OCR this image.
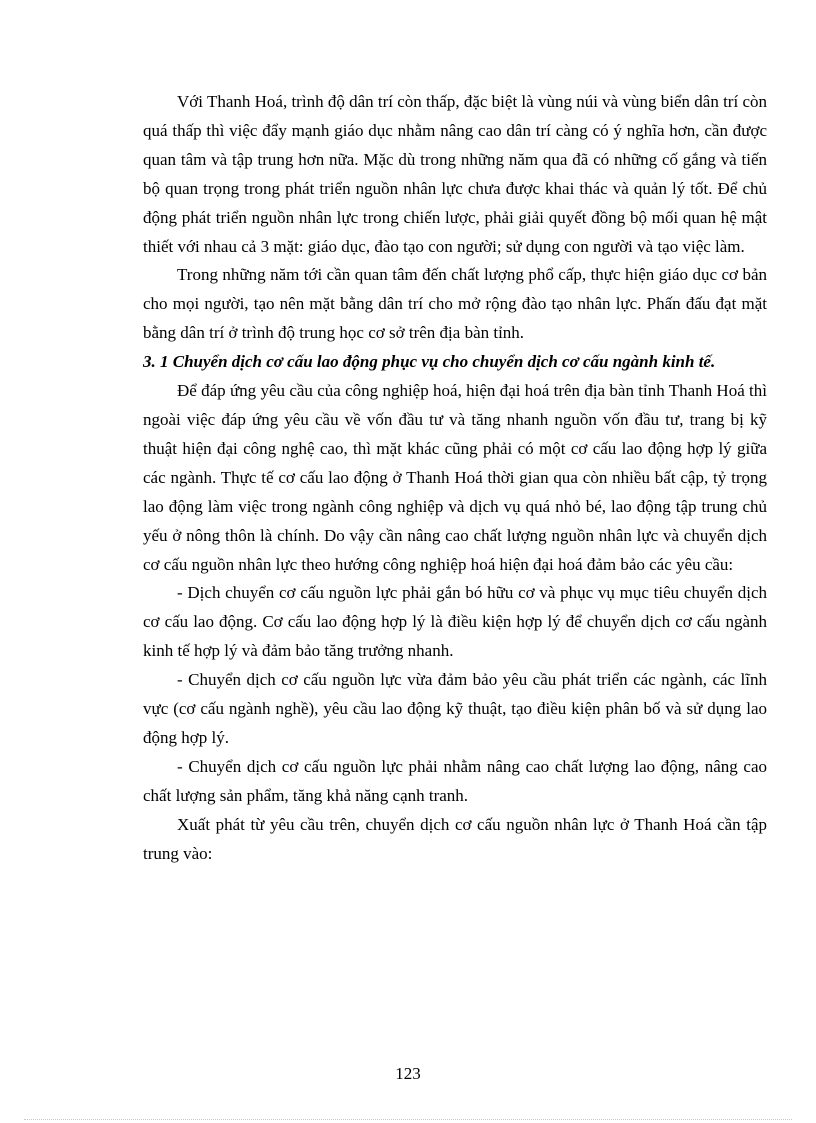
Với Thanh Hoá, trình độ dân trí còn thấp, đặc biệt là vùng núi và vùng biển dân trí còn quá thấp thì việc đẩy mạnh giáo dục nhằm nâng cao dân trí càng có ý nghĩa hơn, cần được quan tâm và tập trung hơn nữa. Mặc dù trong những năm qua đã có những cố gắng và tiến bộ quan trọng trong phát triển nguồn nhân lực chưa được khai thác và quản lý tốt. Để chủ động phát triển nguồn nhân lực trong chiến lược, phải giải quyết đồng bộ mối quan hệ mật thiết với nhau cả 3 mặt: giáo dục, đào tạo con người; sử dụng con người và tạo việc làm.

Trong những năm tới cần quan tâm đến chất lượng phổ cấp, thực hiện giáo dục cơ bản cho mọi người, tạo nên mặt bằng dân trí cho mở rộng đào tạo nhân lực. Phấn đấu đạt mặt bằng dân trí ở trình độ trung học cơ sở trên địa bàn tỉnh.

3. 1 Chuyển dịch cơ cấu lao động phục vụ cho chuyển dịch cơ cấu ngành kinh tế.

Để đáp ứng yêu cầu của công nghiệp hoá, hiện đại hoá trên địa bàn tỉnh Thanh Hoá thì ngoài việc đáp ứng yêu cầu về vốn đầu tư và tăng nhanh nguồn vốn đầu tư, trang bị kỹ thuật hiện đại công nghệ cao, thì mặt khác cũng phải có một cơ cấu lao động hợp lý giữa các ngành. Thực tế cơ cấu lao động ở Thanh Hoá thời gian qua còn nhiều bất cập, tỷ trọng lao động làm việc trong ngành công nghiệp và dịch vụ quá nhỏ bé, lao động tập trung chủ yếu ở nông thôn là chính. Do vậy cần nâng cao chất lượng nguồn nhân lực và chuyển dịch cơ cấu nguồn nhân lực theo hướng công nghiệp hoá hiện đại hoá đảm bảo các yêu cầu:

- Dịch chuyển cơ cấu nguồn lực phải gắn bó hữu cơ và phục vụ mục tiêu chuyển dịch cơ cấu lao động. Cơ cấu lao động hợp lý là điều kiện hợp lý để chuyển dịch cơ cấu ngành kinh tế hợp lý và đảm bảo tăng trưởng nhanh.

- Chuyển dịch cơ cấu nguồn lực vừa đảm bảo yêu cầu phát triển các ngành, các lĩnh vực (cơ cấu ngành nghề), yêu cầu lao động kỹ thuật, tạo điều kiện phân bố và sử dụng lao động hợp lý.

- Chuyển dịch cơ cấu nguồn lực phải nhằm nâng cao chất lượng lao động, nâng cao chất lượng sản phẩm, tăng khả năng cạnh tranh.

Xuất phát từ yêu cầu trên, chuyển dịch cơ cấu nguồn nhân lực ở Thanh Hoá cần tập trung vào:

123
